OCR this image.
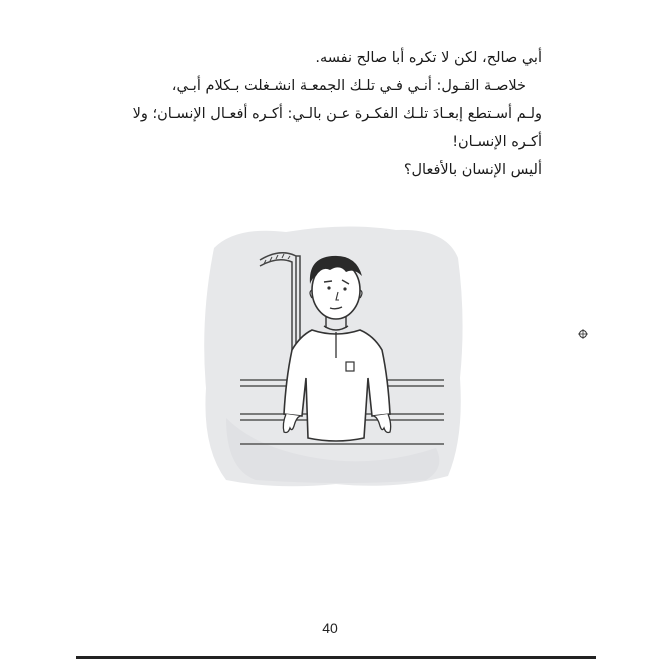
أبي صالح، لكن لا تكره أبا صالح نفسه.
خلاصـة القـول: أنـي فـي تلـك الجمعـة انشـغلت بـكلام أبـي،
ولـم أسـتطع إبعـادَ تلـك الفكـرة عـن بالـي: أكـره أفعـال الإنسـان؛ ولا
أكـره الإنسـان!
أليس الإنسان بالأفعال؟
40
